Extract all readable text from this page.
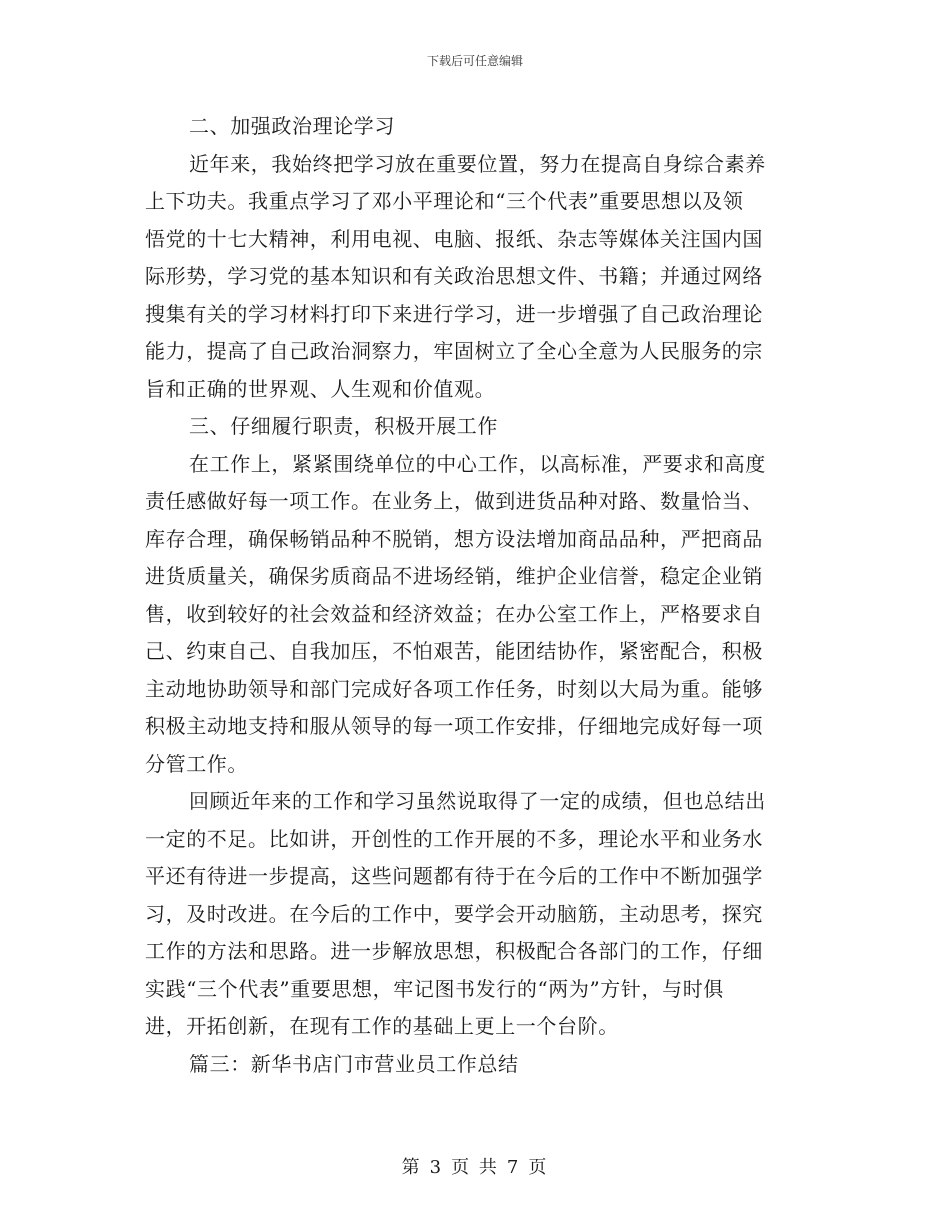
下载后可任意编辑

二、加强政治理论学习

近年来，我始终把学习放在重要位置，努力在提高自身综合素养
上下功夫。我重点学习了邓小平理论和“三个代表”重要思想以及领
悟党的十七大精神，利用电视、电脑、报纸、杂志等媒体关注国内国
际形势，学习党的基本知识和有关政治思想文件、书籍；并通过网络
搜集有关的学习材料打印下来进行学习，进一步增强了自己政治理论
能力，提高了自己政治洞察力，牢固树立了全心全意为人民服务的宗
旨和正确的世界观、人生观和价值观。

三、仔细履行职责，积极开展工作

在工作上，紧紧围绕单位的中心工作，以高标准，严要求和高度
责任感做好每一项工作。在业务上，做到进货品种对路、数量恰当、
库存合理，确保畅销品种不脱销，想方设法增加商品品种，严把商品
进货质量关，确保劣质商品不进场经销，维护企业信誉，稳定企业销
售，收到较好的社会效益和经济效益；在办公室工作上，严格要求自
己、约束自己、自我加压，不怕艰苦，能团结协作，紧密配合，积极
主动地协助领导和部门完成好各项工作任务，时刻以大局为重。能够
积极主动地支持和服从领导的每一项工作安排，仔细地完成好每一项
分管工作。

回顾近年来的工作和学习虽然说取得了一定的成绩，但也总结出
一定的不足。比如讲，开创性的工作开展的不多，理论水平和业务水
平还有待进一步提高，这些问题都有待于在今后的工作中不断加强学
习，及时改进。在今后的工作中，要学会开动脑筋，主动思考，探究
工作的方法和思路。进一步解放思想，积极配合各部门的工作，仔细
实践“三个代表”重要思想，牢记图书发行的“两为”方针，与时俱
进，开拓创新，在现有工作的基础上更上一个台阶。

篇三：新华书店门市营业员工作总结

第 3 页 共 7 页
